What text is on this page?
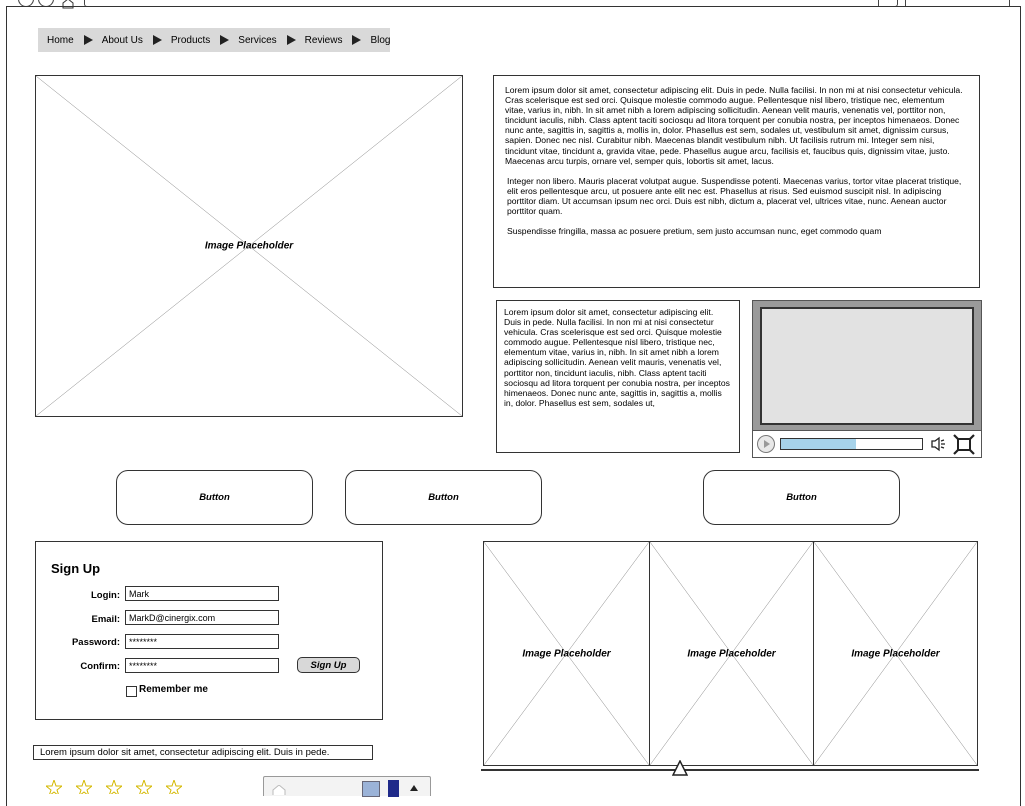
Home	About Us	Products	Services	Reviews	Blog
Image Placeholder

Lorem ipsum dolor sit amet, consectetur adipiscing elit. Duis in pede. Nulla facilisi. In non mi at nisi consectetur vehicula. Cras scelerisque est sed orci. Quisque molestie commodo augue. Pellentesque nisl libero, tristique nec, elementum vitae, varius in, nibh. In sit amet nibh a lorem adipiscing sollicitudin. Aenean velit mauris, venenatis vel, porttitor non, tincidunt iaculis, nibh. Class aptent taciti sociosqu ad litora torquent per conubia nostra, per inceptos himenaeos. Donec nunc ante, sagittis in, sagittis a, mollis in, dolor. Phasellus est sem, sodales ut, vestibulum sit amet, dignissim cursus, sapien. Donec nec nisl. Curabitur nibh. Maecenas blandit vestibulum nibh. Ut facilisis rutrum mi. Integer sem nisi, tincidunt vitae, tincidunt a, gravida vitae, pede. Phasellus augue arcu, facilisis et, faucibus quis, dignissim vitae, justo. Maecenas arcu turpis, ornare vel, semper quis, lobortis sit amet, lacus.

Integer non libero. Mauris placerat volutpat augue. Suspendisse potenti. Maecenas varius, tortor vitae placerat tristique, elit eros pellentesque arcu, ut posuere ante elit nec est. Phasellus at risus. Sed euismod suscipit nisl. In adipiscing porttitor diam. Ut accumsan ipsum nec orci. Duis est nibh, dictum a, placerat vel, ultrices vitae, nunc. Aenean auctor porttitor quam.

Suspendisse fringilla, massa ac posuere pretium, sem justo accumsan nunc, eget commodo quam

Lorem ipsum dolor sit amet, consectetur adipiscing elit. Duis in pede. Nulla facilisi. In non mi at nisi consectetur vehicula. Cras scelerisque est sed orci. Quisque molestie commodo augue. Pellentesque nisl libero, tristique nec, elementum vitae, varius in, nibh. In sit amet nibh a lorem adipiscing sollicitudin. Aenean velit mauris, venenatis vel, porttitor non, tincidunt iaculis, nibh. Class aptent taciti sociosqu ad litora torquent per conubia nostra, per inceptos himenaeos. Donec nunc ante, sagittis in, sagittis a, mollis in, dolor. Phasellus est sem, sodales ut,
Button	Button	Button
Sign Up
Login:
Mark
Email:
MarkD@cinergix.com
Password:
********
Confirm:
********	Sign Up
Remember me
Image Placeholder	Image Placeholder	Image Placeholder
Lorem ipsum dolor sit amet, consectetur adipiscing elit. Duis in pede.
